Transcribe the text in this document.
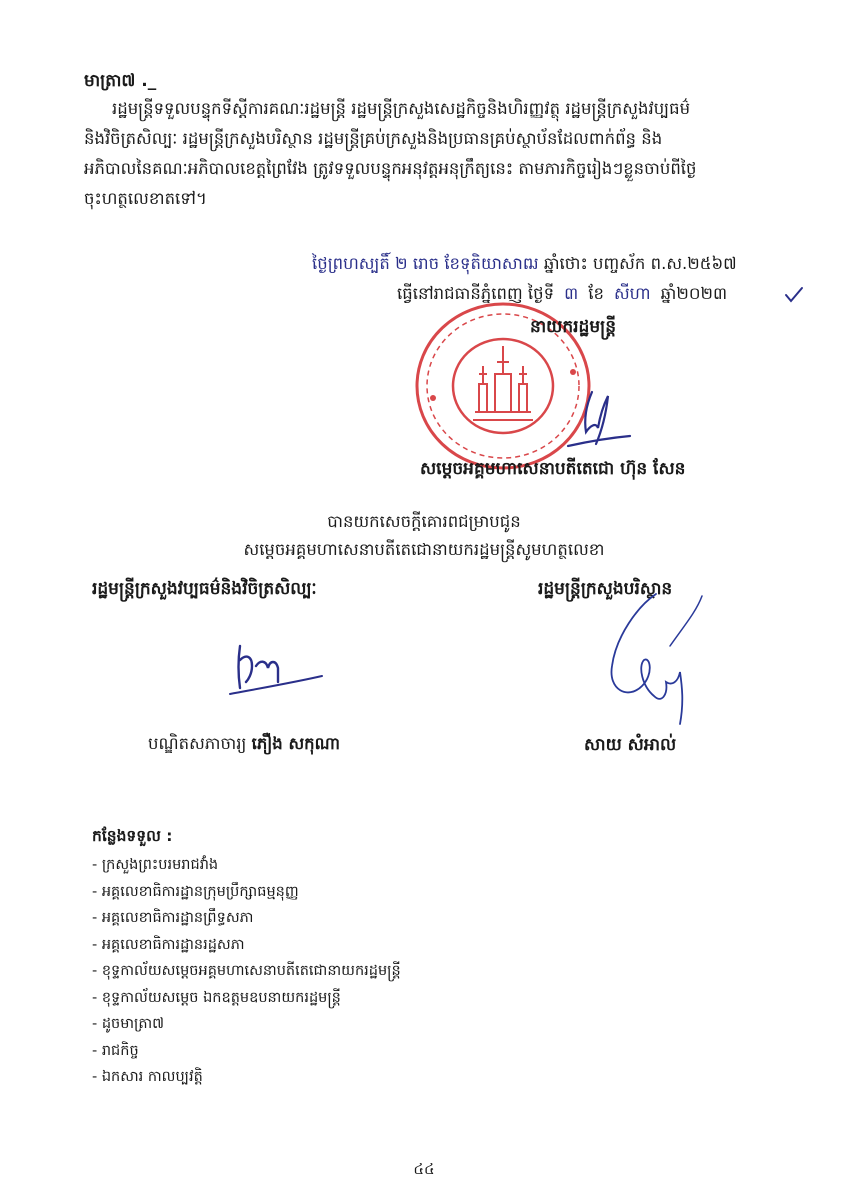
មាត្រា៧ ._
រដ្ឋមន្ត្រីទទួលបន្ទុកទីស្តីការគណៈរដ្ឋមន្ត្រី រដ្ឋមន្ត្រីក្រសួងសេដ្ឋកិច្ចនិងហិរញ្ញវត្ថុ រដ្ឋមន្ត្រីក្រសួងវប្បធម៌
និងវិចិត្រសិល្បៈ រដ្ឋមន្ត្រីក្រសួងបរិស្ថាន រដ្ឋមន្ត្រីគ្រប់ក្រសួងនិងប្រធានគ្រប់ស្ថាប័នដែលពាក់ព័ន្ធ និង
អភិបាលនៃគណៈអភិបាលខេត្តព្រៃវែង ត្រូវទទួលបន្ទុកអនុវត្តអនុក្រឹត្យនេះ តាមភារកិច្ចរៀងៗខ្លួនចាប់ពីថ្ងៃ
ចុះហត្ថលេខាតទៅ។
ថ្ងៃព្រហស្បតិ៍ ២ រោច ខែទុតិយាសាឍ ឆ្នាំថោះ បញ្ចស័ក ព.ស.២៥៦៧
ធ្វើនៅរាជធានីភ្នំពេញ ថ្ងៃទី ៣ ខែ សីហា ឆ្នាំ២០២៣
នាយករដ្ឋមន្ត្រី
សម្តេចអគ្គមហាសេនាបតីតេជោ ហ៊ុន សែន
បានយកសេចក្តីគោរពជម្រាបជូន
សម្តេចអគ្គមហាសេនាបតីតេជោនាយករដ្ឋមន្ត្រីសូមហត្ថលេខា
រដ្ឋមន្ត្រីក្រសួងវប្បធម៌និងវិចិត្រសិល្បៈ	រដ្ឋមន្ត្រីក្រសួងបរិស្ថាន
បណ្ឌិតសភាចារ្យ ភឿង សកុណា	សាយ សំអាល់
កន្លែងទទួល :
- ក្រសួងព្រះបរមរាជវាំង
- អគ្គលេខាធិការដ្ឋានក្រុមប្រឹក្សាធម្មនុញ្ញ
- អគ្គលេខាធិការដ្ឋានព្រឹទ្ធសភា
- អគ្គលេខាធិការដ្ឋានរដ្ឋសភា
- ខុទ្ទកាល័យសម្តេចអគ្គមហាសេនាបតីតេជោនាយករដ្ឋមន្ត្រី
- ខុទ្ទកាល័យសម្តេច ឯកឧត្តមឧបនាយករដ្ឋមន្ត្រី
- ដូចមាត្រា៧
- រាជកិច្ច
- ឯកសារ កាលប្បវត្តិ
៤៤
